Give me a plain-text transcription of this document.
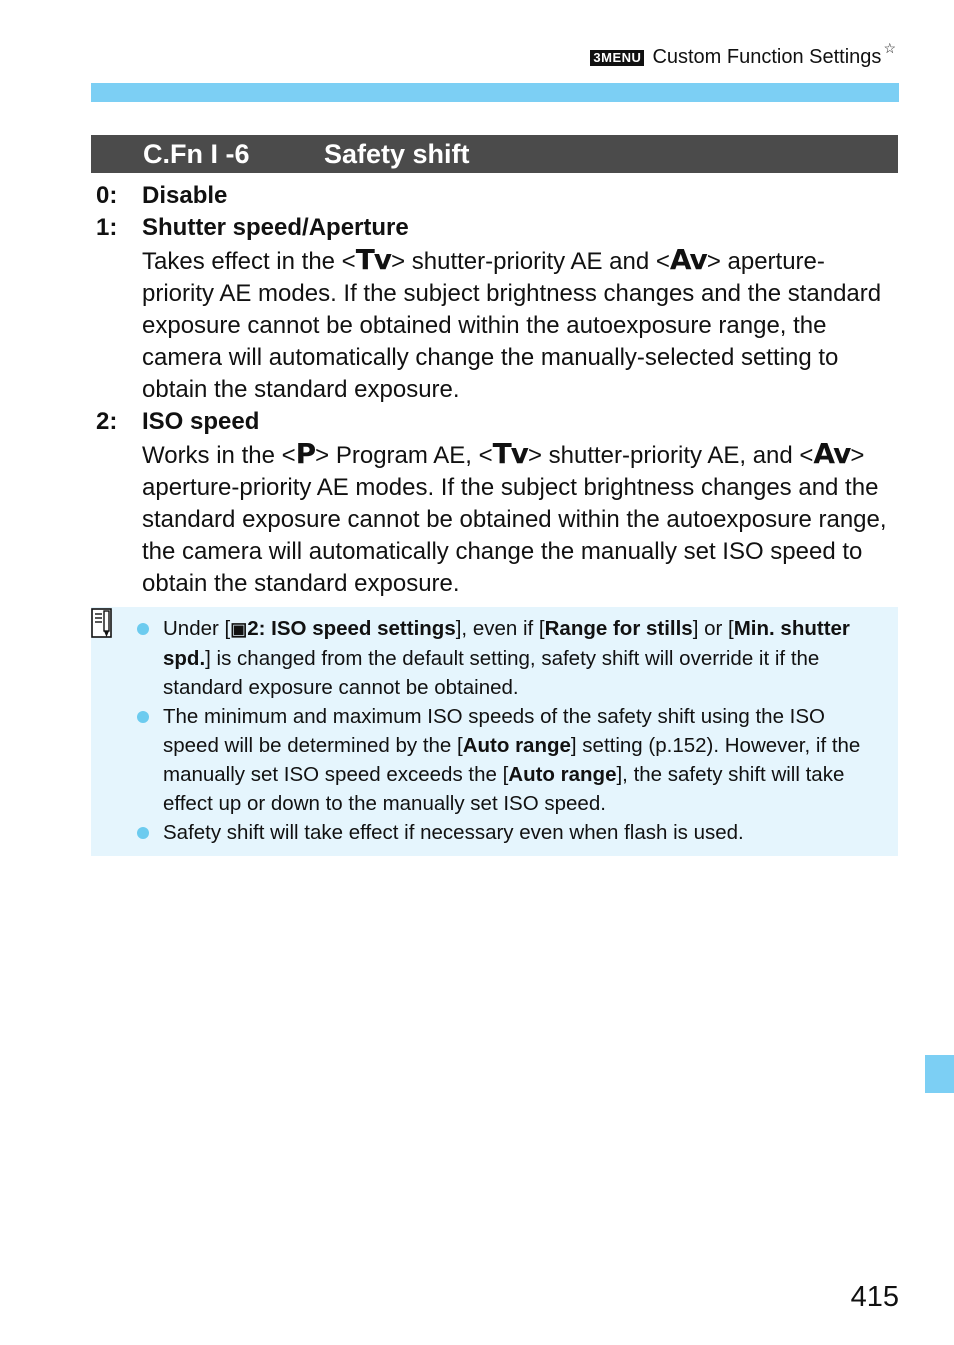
3MENU Custom Function Settings ☆
C.Fn I -6	Safety shift
0: Disable
1: Shutter speed/Aperture
Takes effect in the <Tv> shutter-priority AE and <Av> aperture-priority AE modes. If the subject brightness changes and the standard exposure cannot be obtained within the autoexposure range, the camera will automatically change the manually-selected setting to obtain the standard exposure.
2: ISO speed
Works in the <P> Program AE, <Tv> shutter-priority AE, and <Av> aperture-priority AE modes. If the subject brightness changes and the standard exposure cannot be obtained within the autoexposure range, the camera will automatically change the manually set ISO speed to obtain the standard exposure.
Under [▣2: ISO speed settings], even if [Range for stills] or [Min. shutter spd.] is changed from the default setting, safety shift will override it if the standard exposure cannot be obtained.
The minimum and maximum ISO speeds of the safety shift using the ISO speed will be determined by the [Auto range] setting (p.152). However, if the manually set ISO speed exceeds the [Auto range], the safety shift will take effect up or down to the manually set ISO speed.
Safety shift will take effect if necessary even when flash is used.
415
